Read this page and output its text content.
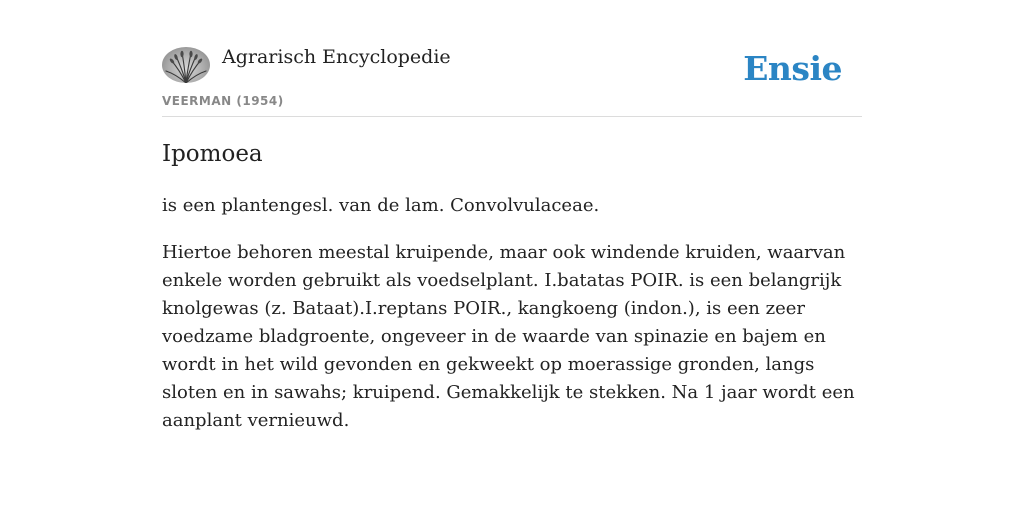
Agrarisch Encyclopedie
VEERMAN (1954)
Ensie
Ipomoea

is een plantengesl. van de lam. Convolvulaceae.

Hiertoe behoren meestal kruipende, maar ook windende kruiden, waarvan enkele worden gebruikt als voedselplant. I.batatas POIR. is een belangrijk knolgewas (z. Bataat).I.reptans POIR., kangkoeng (indon.), is een zeer voedzame bladgroente, ongeveer in de waarde van spinazie en bajem en wordt in het wild gevonden en gekweekt op moerassige gronden, langs sloten en in sawahs; kruipend. Gemakkelijk te stekken. Na 1 jaar wordt een aanplant vernieuwd.
